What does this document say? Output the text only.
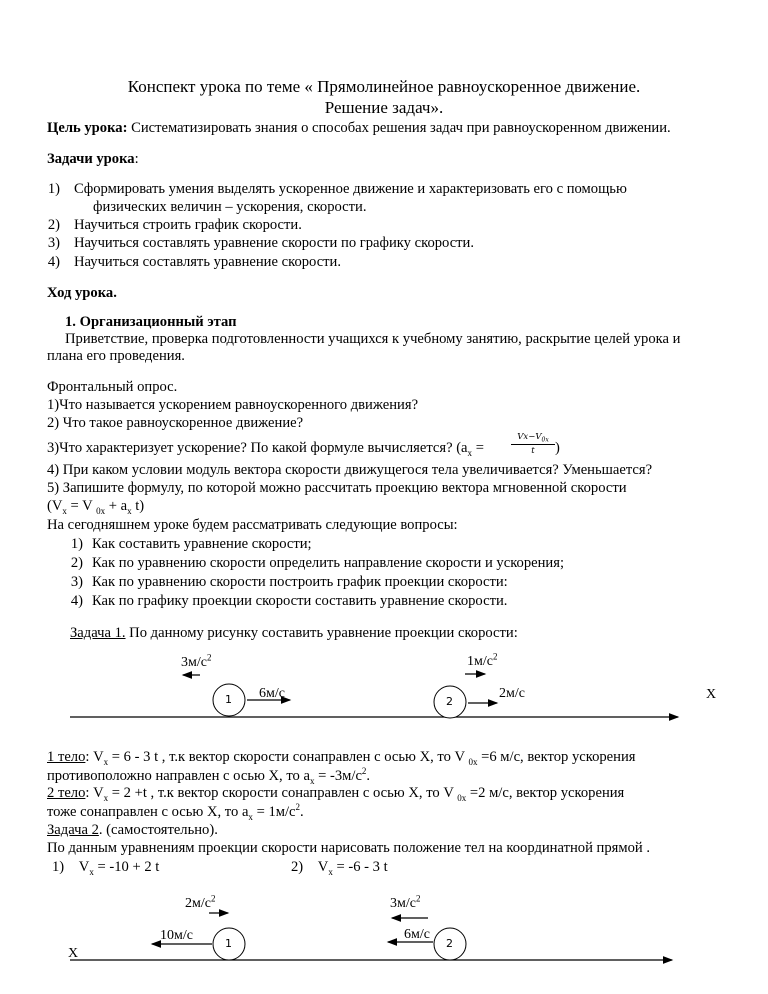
Конспект урока по теме « Прямолинейное равноускоренное движение.
Решение задач».
Цель урока: Систематизировать знания о способах решения задач при равноускоренном движении.
Задачи урока:
1) Сформировать умения выделять ускоренное движение и характеризовать его с помощью
физических величин – ускорения, скорости.
2) Научиться строить график скорости.
3) Научиться составлять уравнение скорости по графику скорости.
4) Научиться составлять уравнение скорости.
Ход урока.
1. Организационный этап
Приветствие, проверка подготовленности учащихся к учебному занятию, раскрытие целей урока и
плана его проведения.
Фронтальный опрос.
1)Что называется ускорением равноускоренного движения?
2) Что такое равноускоренное движение?
3)Что характеризует ускорение? По какой формуле вычисляется? ($a_x$ =
$Vx-V_{0x}$
t	)
4) При каком условии модуль вектора скорости движущегося тела увеличивается? Уменьшается?
5) Запишите формулу, по которой можно рассчитать проекцию вектора мгновенной скорости
($V_x = V$ $_{0x} + a_x$ t)
На сегодняшнем уроке будем рассматривать следующие вопросы:
1) Как составить уравнение скорости;
2) Как по уравнению скорости определить направление скорости и ускорения;
3) Как по уравнению скорости построить график проекции скорости:
4) Как по графику проекции скорости составить уравнение скорости.
Задача 1. По данному рисунку составить уравнение проекции скорости:
$3м/с^2$
6м/с
1
$1м/с^2$
2м/с
2	X
1 тело: $V_x = 6 - 3$ t , т.к вектор скорости сонаправлен с осью X, то V $_{0x}$ =6 м/с, вектор ускорения
противоположно направлен с осью X, то $a_x = -3м/с^2$.
2 тело: $V_x = 2 +t$ , т.к вектор скорости сонаправлен с осью X, то V $_{0x}$ =2 м/с, вектор ускорения
тоже сонаправлен с осью X, то $a_x = 1м/с^2$.
Задача 2. (самостоятельно).
По данным уравнениям проекции скорости нарисовать положение тел на координатной прямой .
1) $V_x = -10 + 2$ t	2) $V_x = -6 - 3$ t
$2м/с^2$
10м/с
1
$3м/с^2$
6м/с
2
X
